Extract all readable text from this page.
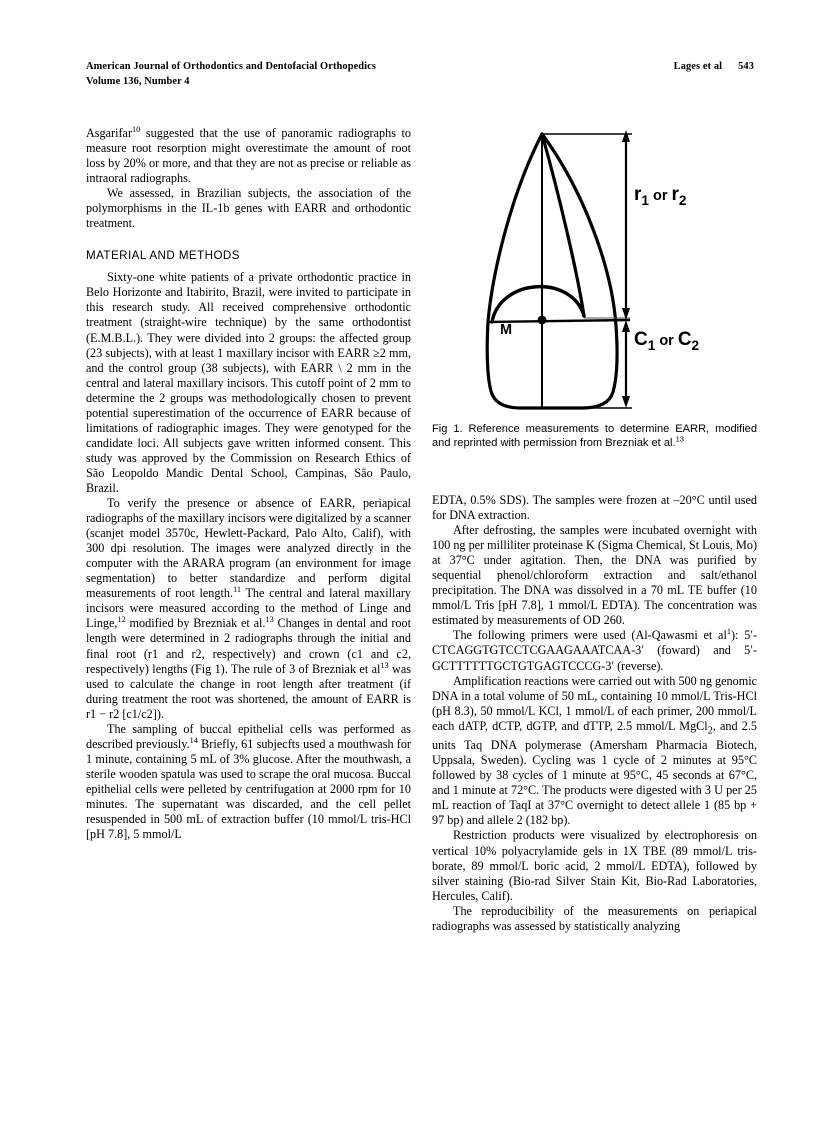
American Journal of Orthodontics and Dentofacial Orthopedics	Lages et al 543
Volume 136, Number 4

Asgarifar$^{10}$ suggested that the use of panoramic radiographs to measure root resorption might overestimate the amount of root loss by 20% or more, and that they are not as precise or reliable as intraoral radiographs.

We assessed, in Brazilian subjects, the association of the polymorphisms in the IL-1b genes with EARR and orthodontic treatment.

MATERIAL AND METHODS

Sixty-one white patients of a private orthodontic practice in Belo Horizonte and Itabirito, Brazil, were invited to participate in this research study. All received comprehensive orthodontic treatment (straight-wire technique) by the same orthodontist (E.M.B.L.). They were divided into 2 groups: the affected group (23 subjects), with at least 1 maxillary incisor with EARR ≥2 mm, and the control group (38 subjects), with EARR \ 2 mm in the central and lateral maxillary incisors. This cutoff point of 2 mm to determine the 2 groups was methodologically chosen to prevent potential superestimation of the occurrence of EARR because of limitations of radiographic images. They were genotyped for the candidate loci. All subjects gave written informed consent. This study was approved by the Commission on Research Ethics of São Leopoldo Mandic Dental School, Campinas, São Paulo, Brazil.

To verify the presence or absence of EARR, periapical radiographs of the maxillary incisors were digitalized by a scanner (scanjet model 3570c, Hewlett-Packard, Palo Alto, Calif), with 300 dpi resolution. The images were analyzed directly in the computer with the ARARA program (an environment for image segmentation) to better standardize and perform digital measurements of root length.$^{11}$ The central and lateral maxillary incisors were measured according to the method of Linge and Linge,$^{12}$ modified by Brezniak et al.$^{13}$ Changes in dental and root length were determined in 2 radiographs through the initial and final root (r1 and r2, respectively) and crown (c1 and c2, respectively) lengths (Fig 1). The rule of 3 of Brezniak et $al^{13}$ was used to calculate the change in root length after treatment (if during treatment the root was shortened, the amount of EARR is r1 − r2 [c1/c2]).

The sampling of buccal epithelial cells was performed as described previously.$^{14}$ Briefly, 61 subjecfts used a mouthwash for 1 minute, containing 5 mL of 3% glucose. After the mouthwash, a sterile wooden spatula was used to scrape the oral mucosa. Buccal epithelial cells were pelleted by centrifugation at 2000 rpm for 10 minutes. The supernatant was discarded, and the cell pellet resuspended in 500 mL of extraction buffer (10 mmol/L tris-HCl [pH 7.8], 5 mmol/L

$r_1$ or $r_2$
$C_1$ or $C_2$
M
Fig 1. Reference measurements to determine EARR, modified and reprinted with permission from Brezniak et al.$^{13}$

EDTA, 0.5% SDS). The samples were frozen at –20°C until used for DNA extraction.

After defrosting, the samples were incubated overnight with 100 ng per milliliter proteinase K (Sigma Chemical, St Louis, Mo) at 37°C under agitation. Then, the DNA was purified by sequential phenol/chloroform extraction and salt/ethanol precipitation. The DNA was dissolved in a 70 mL TE buffer (10 mmol/L Tris [pH 7.8], 1 mmol/L EDTA). The concentration was estimated by measurements of OD 260.

The following primers were used (Al-Qawasmi et $al^1$): 5′-CTCAGGTGTCCTCGAAGAAATCAA-3′ (foward) and 5′-GCTTTTTTGCTGTGAGTCCCG-3′ (reverse).

Amplification reactions were carried out with 500 ng genomic DNA in a total volume of 50 mL, containing 10 mmol/L Tris-HCl (pH 8.3), 50 mmol/L KCl, 1 mmol/L of each primer, 200 mmol/L each dATP, dCTP, dGTP, and dTTP, 2.5 mmol/L MgCl$_2$, and 2.5 units Taq DNA polymerase (Amersham Pharmacia Biotech, Uppsala, Sweden). Cycling was 1 cycle of 2 minutes at 95°C followed by 38 cycles of 1 minute at 95°C, 45 seconds at 67°C, and 1 minute at 72°C. The products were digested with 3 U per 25 mL reaction of TaqI at 37°C overnight to detect allele 1 (85 bp + 97 bp) and allele 2 (182 bp).

Restriction products were visualized by electrophoresis on vertical 10% polyacrylamide gels in 1X TBE (89 mmol/L tris-borate, 89 mmol/L boric acid, 2 mmol/L EDTA), followed by silver staining (Bio-rad Silver Stain Kit, Bio-Rad Laboratories, Hercules, Calif).

The reproducibility of the measurements on periapical radiographs was assessed by statistically analyzing
